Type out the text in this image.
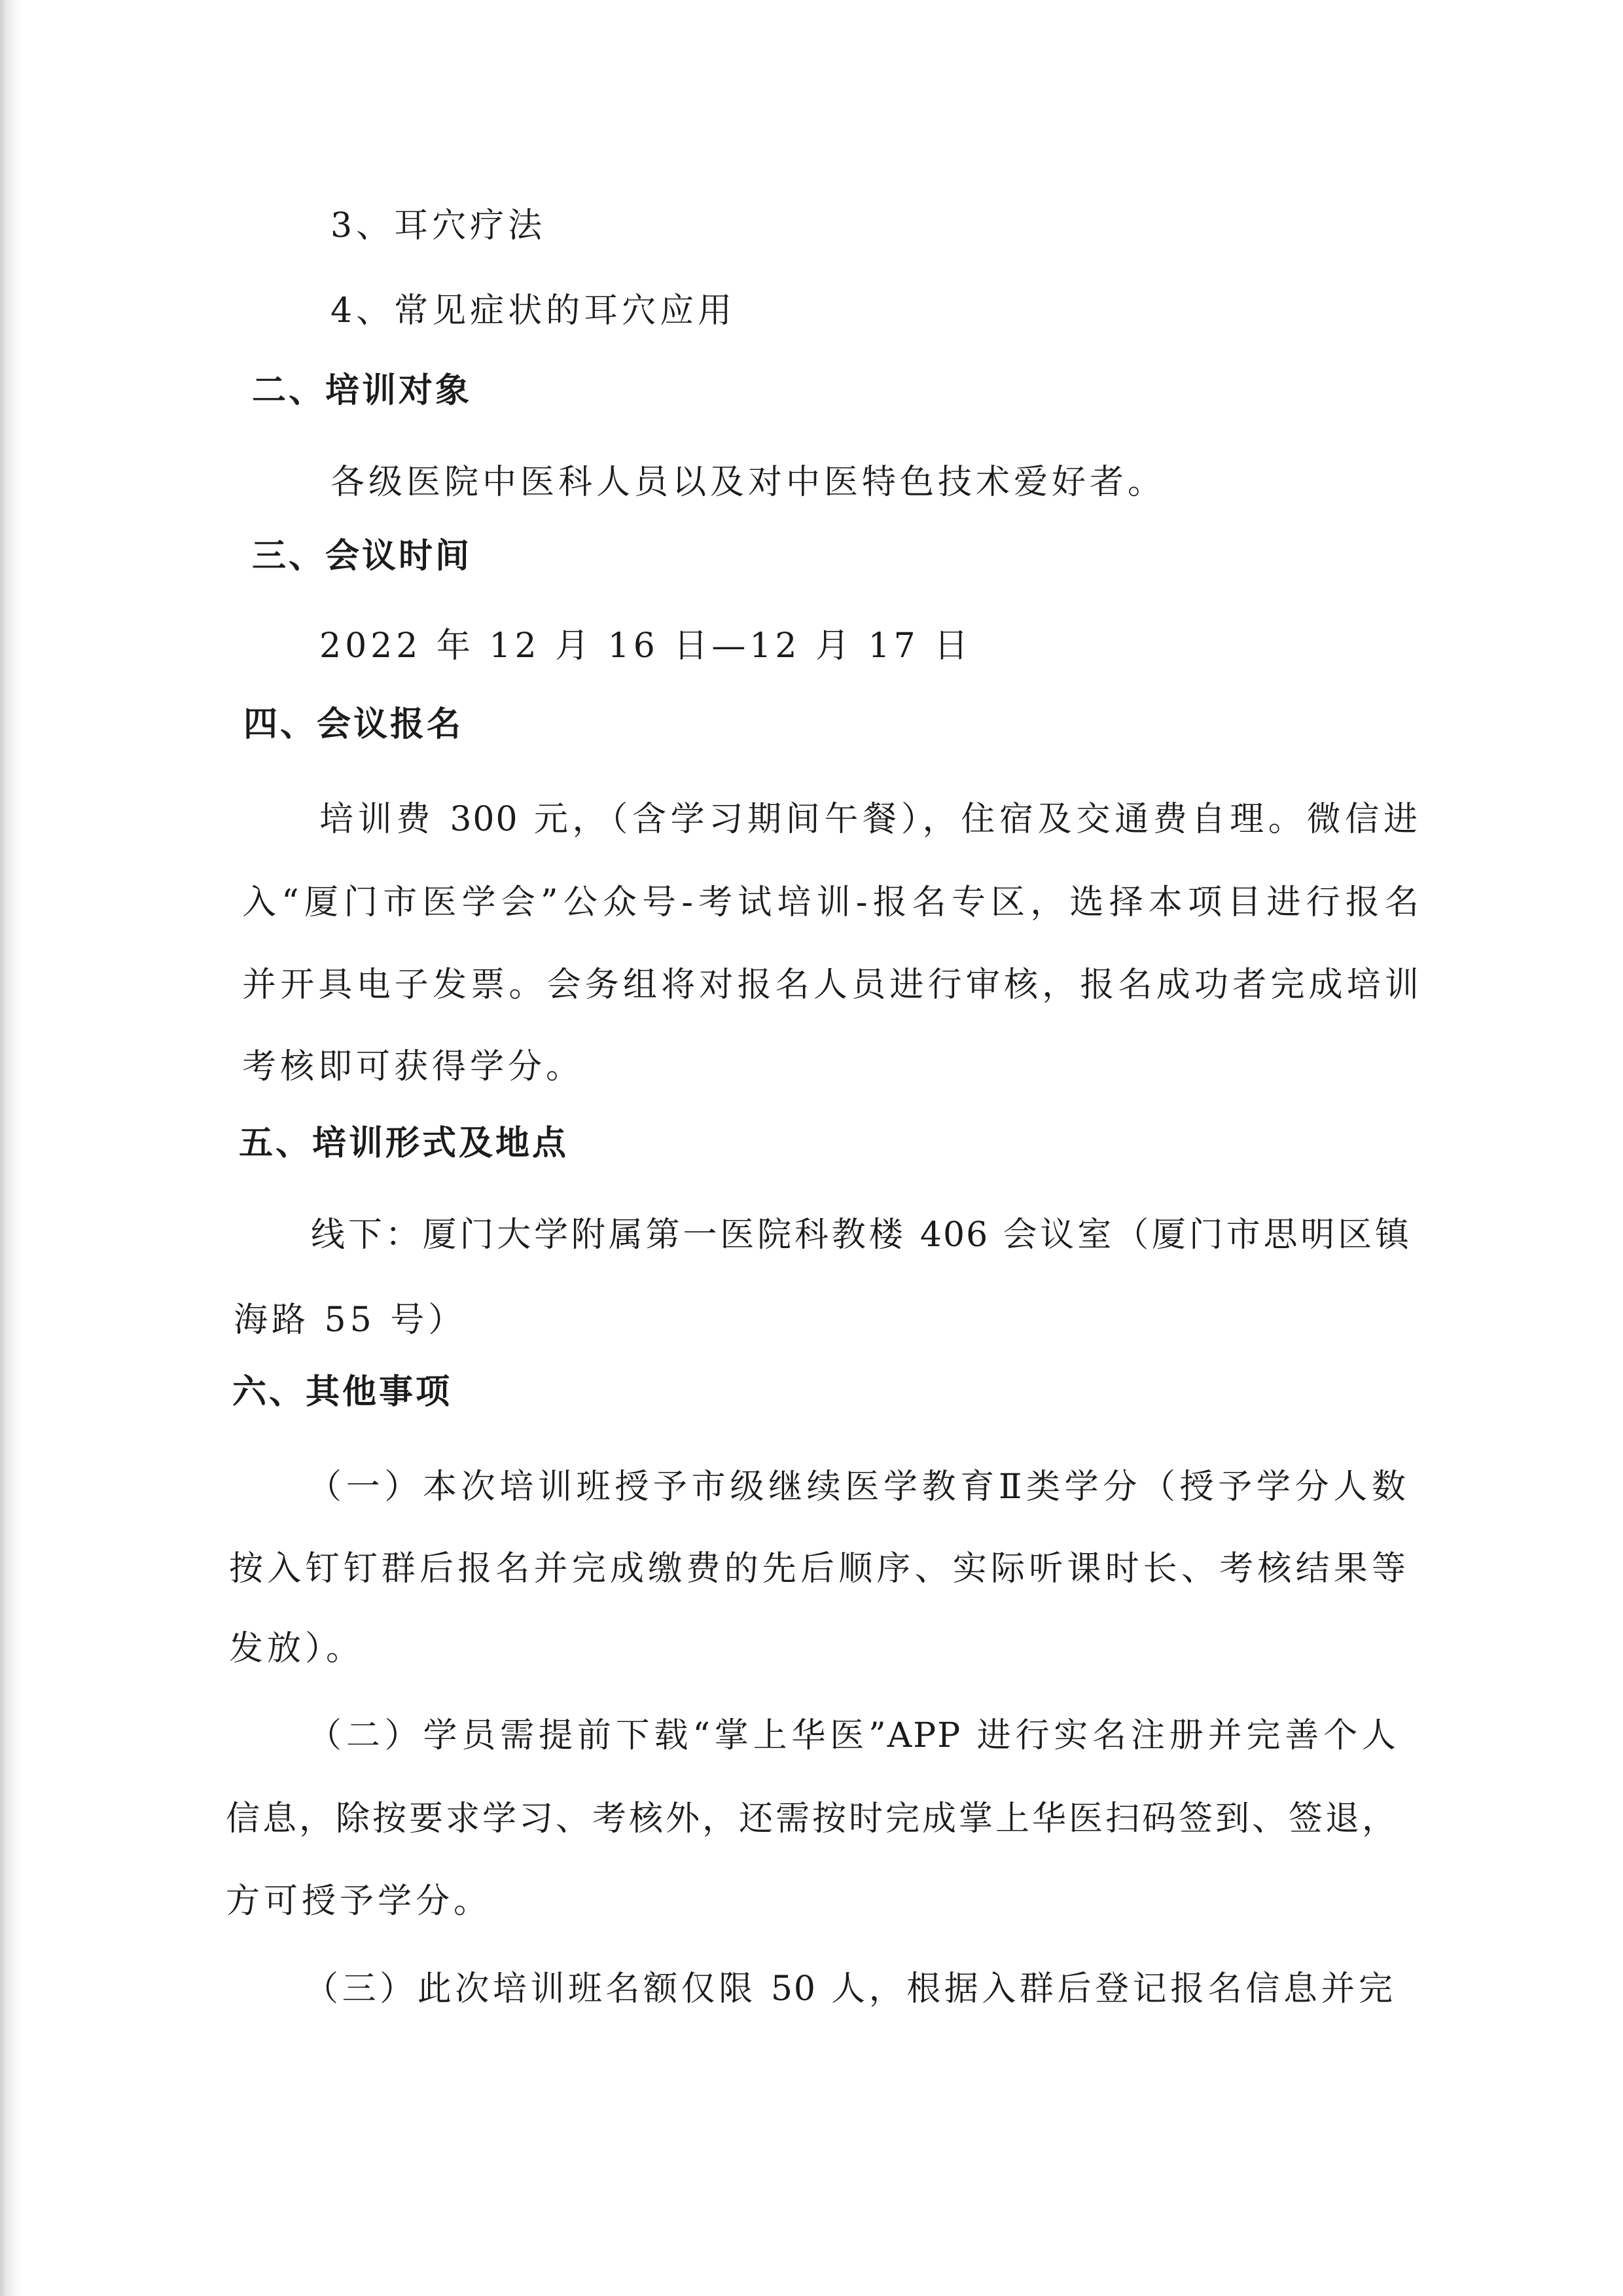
3、耳穴疗法
4、常见症状的耳穴应用
二、培训对象
各级医院中医科人员以及对中医特色技术爱好者。
三、会议时间
2022 年 12 月 16 日—12 月 17 日
四、会议报名
培训费 300 元，（含学习期间午餐），住宿及交通费自理。微信进
入“厦门市医学会”公众号-考试培训-报名专区，选择本项目进行报名
并开具电子发票。会务组将对报名人员进行审核，报名成功者完成培训
考核即可获得学分。
五、培训形式及地点
线下：厦门大学附属第一医院科教楼 406 会议室（厦门市思明区镇
海路 55 号）
六、其他事项
（一）本次培训班授予市级继续医学教育Ⅱ类学分（授予学分人数
按入钉钉群后报名并完成缴费的先后顺序、实际听课时长、考核结果等
发放）。
（二）学员需提前下载“掌上华医”APP 进行实名注册并完善个人
信息，除按要求学习、考核外，还需按时完成掌上华医扫码签到、签退，
方可授予学分。
（三）此次培训班名额仅限 50 人，根据入群后登记报名信息并完
